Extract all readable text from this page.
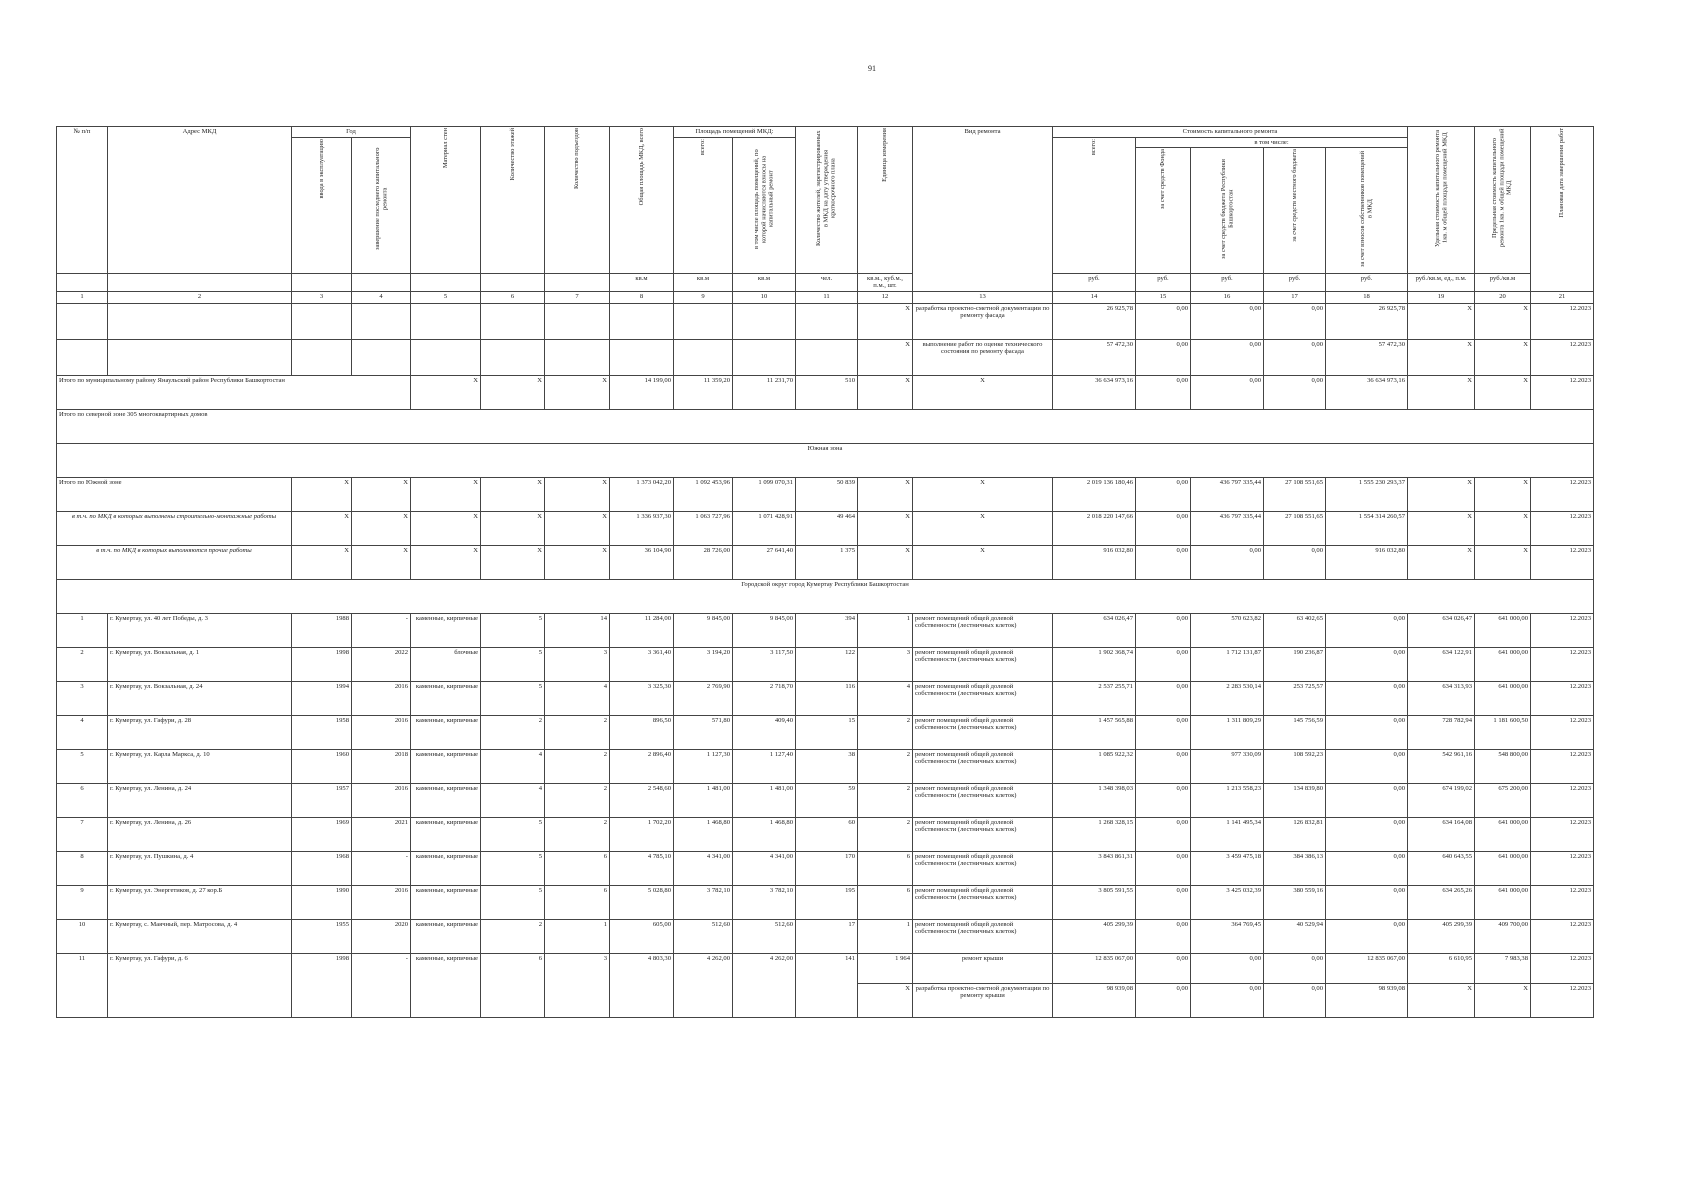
91
№ п/п	Адрес МКД	Год		Материал стен	Количество этажей	Количество подъездов	Общая площадь МКД, всего	Площадь помещений МКД:		Количество жителей, зарегистрированных в МКД на дату утверждения краткосрочного плана	Единица измерения	Вид ремонта	Стоимость капитального ремонта					Удельная стоимость капитального ремонта 1кв. м общей площади помещений МКД	Предельная стоимость капитального ремонта 1кв. м общей площади помещений МКД	Плановая дата завершения работ
		ввода в эксплуатацию	завершение последнего капитального ремонта					всего:	в том числе площадь помещений, по которой начисляются взносы на капитальный ремонт				всего:	в том числе:						
														за счет средств Фонда	за счет средств бюджета Республики Башкортостан	за счет средств местного бюджета	за счет взносов собственников помещений в МКД			
							кв.м	кв.м	кв.м	чел.	кв.м., куб.м., п.м., шт.		руб.	руб.	руб.	руб.	руб.	руб./кв.м, ед., п.м.	руб./кв.м	
1	2	3	4	5	6	7	8	9	10	11	12	13	14	15	16	17	18	19	20	21
											X	разработка проектно-сметной документации по ремонту фасада	26 925,78	0,00	0,00	0,00	26 925,78	X	X	12.2023
											X	выполнение работ по оценке технического состояния по ремонту фасада	57 472,30	0,00	0,00	0,00	57 472,30	X	X	12.2023
Итого по муниципальному району Янаульский район Республики Башкортостан				X	X	X	14 199,00	11 359,20	11 231,70	510	X	X	36 634 973,16	0,00	0,00	0,00	36 634 973,16	X	X	12.2023
Итого по северной зоне 305 многоквартирных домов																				
Южная зона																				
Итого по Южной зоне		X	X	X	X	X	1 373 042,20	1 092 453,96	1 099 070,31	50 839	X	X	2 019 136 180,46	0,00	436 797 335,44	27 108 551,65	1 555 230 293,37	X	X	12.2023
в т.ч. по МКД в которых выполнены строительно-монтажные работы		X	X	X	X	X	1 336 937,30	1 063 727,96	1 071 428,91	49 464	X	X	2 018 220 147,66	0,00	436 797 335,44	27 108 551,65	1 554 314 260,57	X	X	12.2023
в т.ч. по МКД в которых выполняются прочие работы		X	X	X	X	X	36 104,90	28 726,00	27 641,40	1 375	X	X	916 032,80	0,00	0,00	0,00	916 032,80	X	X	12.2023
Городской округ город Кумертау Республики Башкортостан																				
1	г. Кумертау, ул. 40 лет Победы, д. 3	1988	-	каменные, кирпичные	5	14	11 284,00	9 845,00	9 845,00	394	1	ремонт помещений общей долевой собственности (лестничных клеток)	634 026,47	0,00	570 623,82	63 402,65	0,00	634 026,47	641 000,00	12.2023
2	г. Кумертау, ул. Вокзальная, д. 1	1998	2022	блочные	5	3	3 361,40	3 194,20	3 117,50	122	3	ремонт помещений общей долевой собственности (лестничных клеток)	1 902 368,74	0,00	1 712 131,87	190 236,87	0,00	634 122,91	641 000,00	12.2023
3	г. Кумертау, ул. Вокзальная, д. 24	1994	2016	каменные, кирпичные	5	4	3 325,30	2 769,90	2 718,70	116	4	ремонт помещений общей долевой собственности (лестничных клеток)	2 537 255,71	0,00	2 283 530,14	253 725,57	0,00	634 313,93	641 000,00	12.2023
4	г. Кумертау, ул. Гафури, д. 28	1958	2016	каменные, кирпичные	2	2	896,50	571,80	409,40	15	2	ремонт помещений общей долевой собственности (лестничных клеток)	1 457 565,88	0,00	1 311 809,29	145 756,59	0,00	728 782,94	1 181 600,50	12.2023
5	г. Кумертау, ул. Карла Маркса, д. 10	1960	2018	каменные, кирпичные	4	2	2 896,40	1 127,30	1 127,40	38	2	ремонт помещений общей долевой собственности (лестничных клеток)	1 085 922,32	0,00	977 330,09	108 592,23	0,00	542 961,16	548 800,00	12.2023
6	г. Кумертау, ул. Ленина, д. 24	1957	2016	каменные, кирпичные	4	2	2 548,60	1 481,00	1 481,00	59	2	ремонт помещений общей долевой собственности (лестничных клеток)	1 348 398,03	0,00	1 213 558,23	134 839,80	0,00	674 199,02	675 200,00	12.2023
7	г. Кумертау, ул. Ленина, д. 26	1969	2021	каменные, кирпичные	5	2	1 702,20	1 468,80	1 468,80	60	2	ремонт помещений общей долевой собственности (лестничных клеток)	1 268 328,15	0,00	1 141 495,34	126 832,81	0,00	634 164,08	641 000,00	12.2023
8	г. Кумертау, ул. Пушкина, д. 4	1968	-	каменные, кирпичные	5	6	4 785,10	4 341,00	4 341,00	170	6	ремонт помещений общей долевой собственности (лестничных клеток)	3 843 861,31	0,00	3 459 475,18	384 386,13	0,00	640 643,55	641 000,00	12.2023
9	г. Кумертау, ул. Энергетиков, д. 27 кор.Б	1990	2016	каменные, кирпичные	5	6	5 028,80	3 782,10	3 782,10	195	6	ремонт помещений общей долевой собственности (лестничных клеток)	3 805 591,55	0,00	3 425 032,39	380 559,16	0,00	634 265,26	641 000,00	12.2023
10	г. Кумертау, с. Маячный, пер. Матросова, д. 4	1955	2020	каменные, кирпичные	2	1	605,00	512,60	512,60	17	1	ремонт помещений общей долевой собственности (лестничных клеток)	405 299,39	0,00	364 769,45	40 529,94	0,00	405 299,39	409 700,00	12.2023
11	г. Кумертау, ул. Гафури, д. 6	1998	-	каменные, кирпичные	6	3	4 803,30	4 262,00	4 262,00	141	1 964	ремонт крыши	12 835 067,00	0,00	0,00	0,00	12 835 067,00	6 610,95	7 983,38	12.2023
											X	разработка проектно-сметной документации по ремонту крыши	98 939,08	0,00	0,00	0,00	98 939,08	X	X	12.2023
